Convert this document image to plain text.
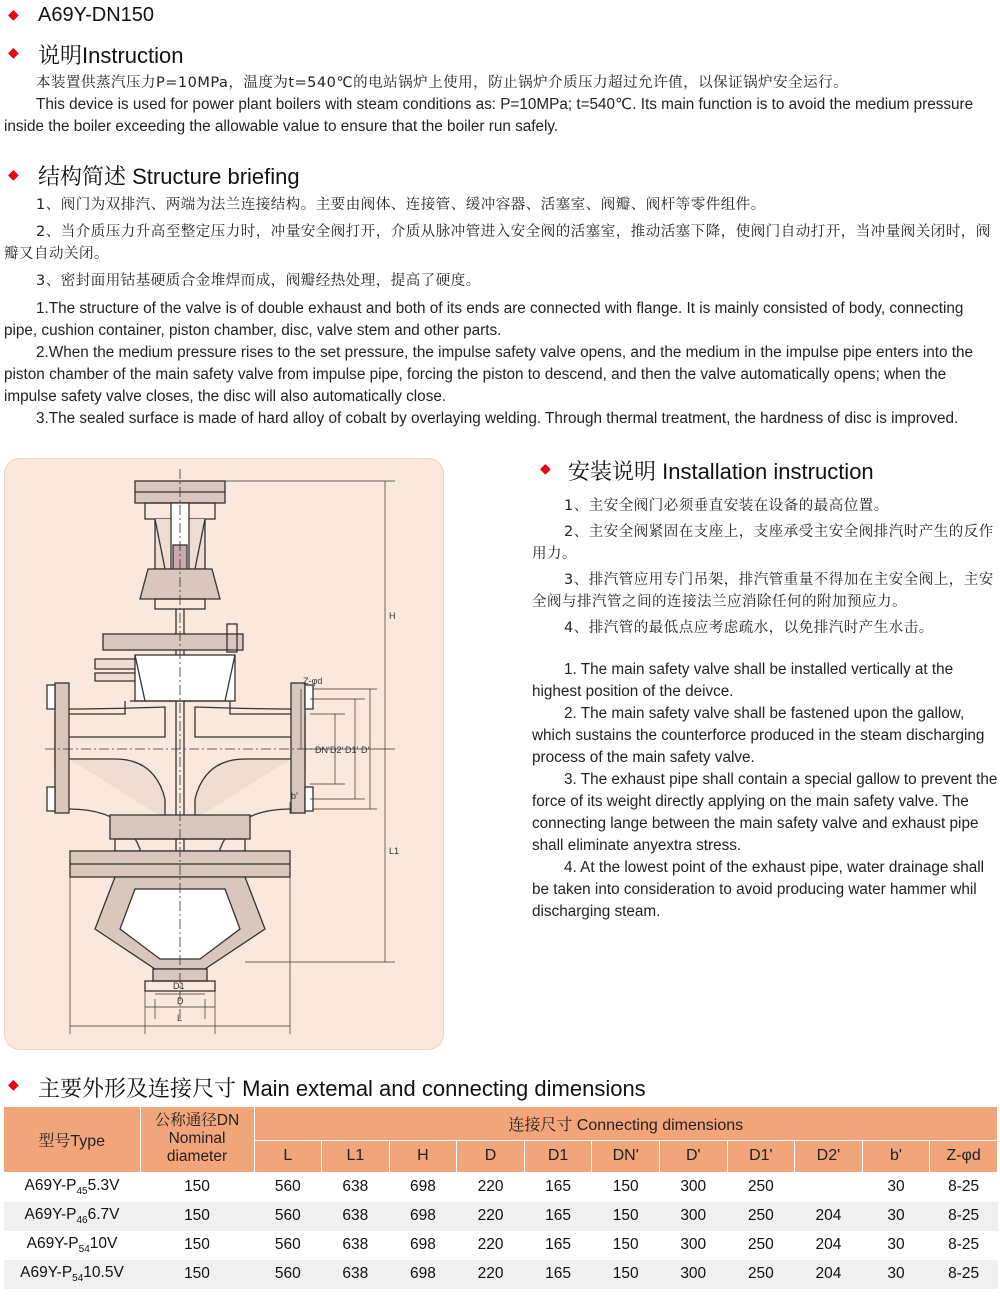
◆ A69Y-DN150
◆ 说明Instruction

本装置供蒸汽压力P=10MPa，温度为t=540℃的电站锅炉上使用，防止锅炉介质压力超过允许值，以保证锅炉安全运行。

This device is used for power plant boilers with steam conditions as: P=10MPa; t=540℃. Its main function is to avoid the medium pressure inside the boiler exceeding the allowable value to ensure that the boiler run safely.

◆ 结构简述 Structure briefing

1、阀门为双排汽、两端为法兰连接结构。主要由阀体、连接管、缓冲容器、活塞室、阀瓣、阀杆等零件组件。

2、当介质压力升高至整定压力时，冲量安全阀打开，介质从脉冲管进入安全阀的活塞室，推动活塞下降，使阀门自动打开，当冲量阀关闭时，阀瓣又自动关闭。

3、密封面用钴基硬质合金堆焊而成，阀瓣经热处理，提高了硬度。

1.The structure of the valve is of double exhaust and both of its ends are connected with flange. It is mainly consisted of body, connecting pipe, cushion container, piston chamber, disc, valve stem and other parts.

2.When the medium pressure rises to the set pressure, the impulse safety valve opens, and the medium in the impulse pipe enters into the piston chamber of the main safety valve from impulse pipe, forcing the piston to descend, and then the valve automatically opens; when the impulse safety valve closes, the disc will also automatically close.

3.The sealed surface is made of hard alloy of cobalt by overlaying welding. Through thermal treatment, the hardness of disc is improved.

H
L1
L
D
D1
DN' D2' D1' D'
b'
Z-φd
◆ 安装说明 Installation instruction

1、主安全阀门必须垂直安装在设备的最高位置。

2、主安全阀紧固在支座上，支座承受主安全阀排汽时产生的反作用力。

3、排汽管应用专门吊架，排汽管重量不得加在主安全阀上，主安全阀与排汽管之间的连接法兰应消除任何的附加预应力。

4、排汽管的最低点应考虑疏水，以免排汽时产生水击。

1. The main safety valve shall be installed vertically at the highest position of the deivce.

2. The main safety valve shall be fastened upon the gallow, which sustains the counterforce produced in the steam discharging process of the main safety valve.

3. The exhaust pipe shall contain a special gallow to prevent the force of its weight directly applying on the main safety valve. The connecting lange between the main safety valve and exhaust pipe shall eliminate anyextra stress.

4. At the lowest point of the exhaust pipe, water drainage shall be taken into consideration to avoid producing water hammer whil discharging steam.

◆ 主要外形及连接尺寸 Main extemal and connecting dimensions
型号Type	公称通径DN
Nominal
diameter	连接尺寸 Connecting dimensions										
		L	L1	H	D	D1	DN'	D'	D1'	D2'	b'	Z-φd
$A69Y-P_{45}5.3V$	150	560	638	698	220	165	150	300	250		30	8-25
$A69Y-P_{46}6.7V$	150	560	638	698	220	165	150	300	250	204	30	8-25
$A69Y-P_{54}10V$	150	560	638	698	220	165	150	300	250	204	30	8-25
$A69Y-P_{54}10.5V$	150	560	638	698	220	165	150	300	250	204	30	8-25
